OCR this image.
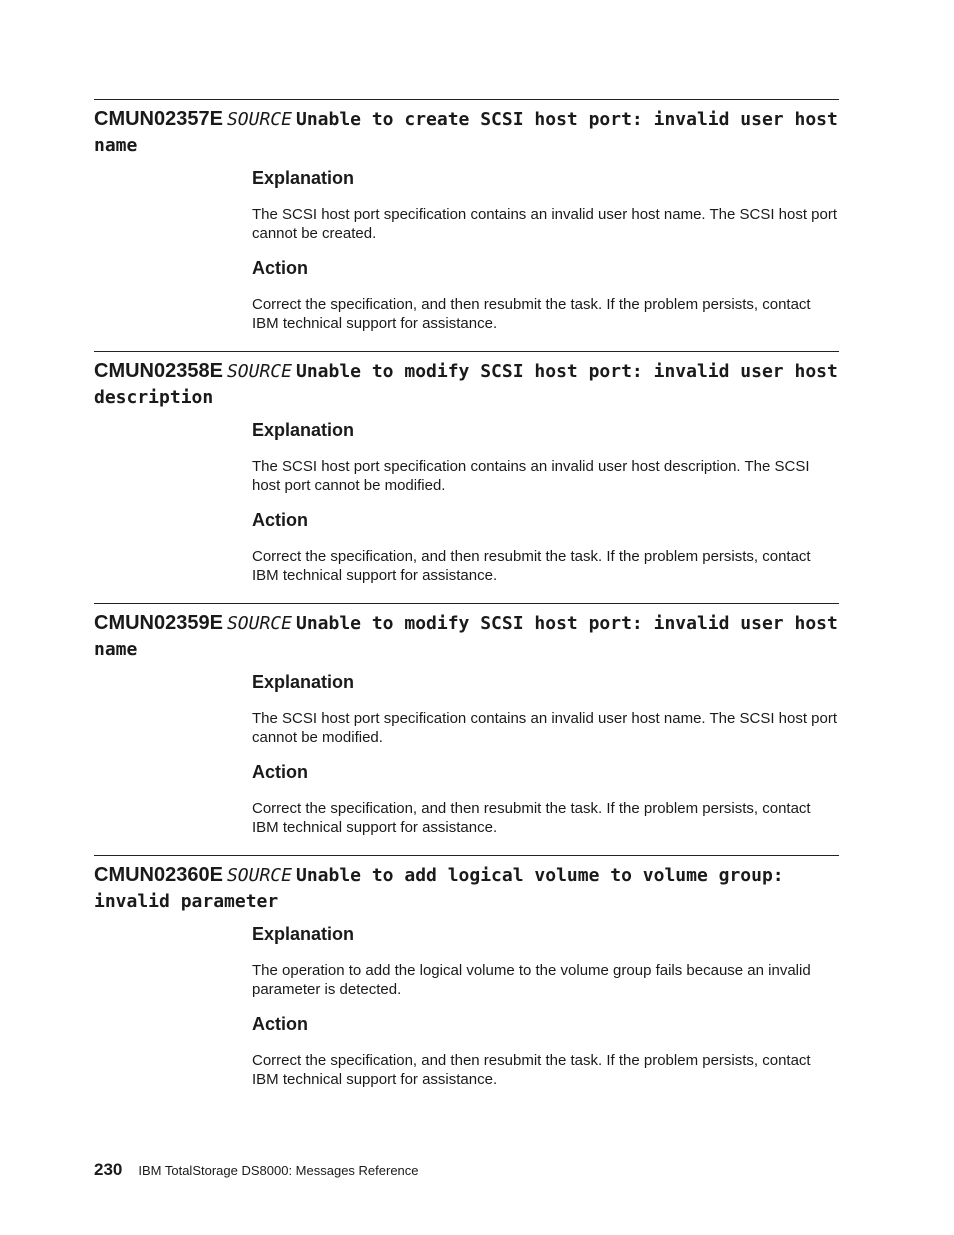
CMUN02357E SOURCE Unable to create SCSI host port: invalid user host name
Explanation
The SCSI host port specification contains an invalid user host name. The SCSI host port cannot be created.
Action
Correct the specification, and then resubmit the task. If the problem persists, contact IBM technical support for assistance.
CMUN02358E SOURCE Unable to modify SCSI host port: invalid user host description
Explanation
The SCSI host port specification contains an invalid user host description. The SCSI host port cannot be modified.
Action
Correct the specification, and then resubmit the task. If the problem persists, contact IBM technical support for assistance.
CMUN02359E SOURCE Unable to modify SCSI host port: invalid user host name
Explanation
The SCSI host port specification contains an invalid user host name. The SCSI host port cannot be modified.
Action
Correct the specification, and then resubmit the task. If the problem persists, contact IBM technical support for assistance.
CMUN02360E SOURCE Unable to add logical volume to volume group: invalid parameter
Explanation
The operation to add the logical volume to the volume group fails because an invalid parameter is detected.
Action
Correct the specification, and then resubmit the task. If the problem persists, contact IBM technical support for assistance.
230 IBM TotalStorage DS8000: Messages Reference
